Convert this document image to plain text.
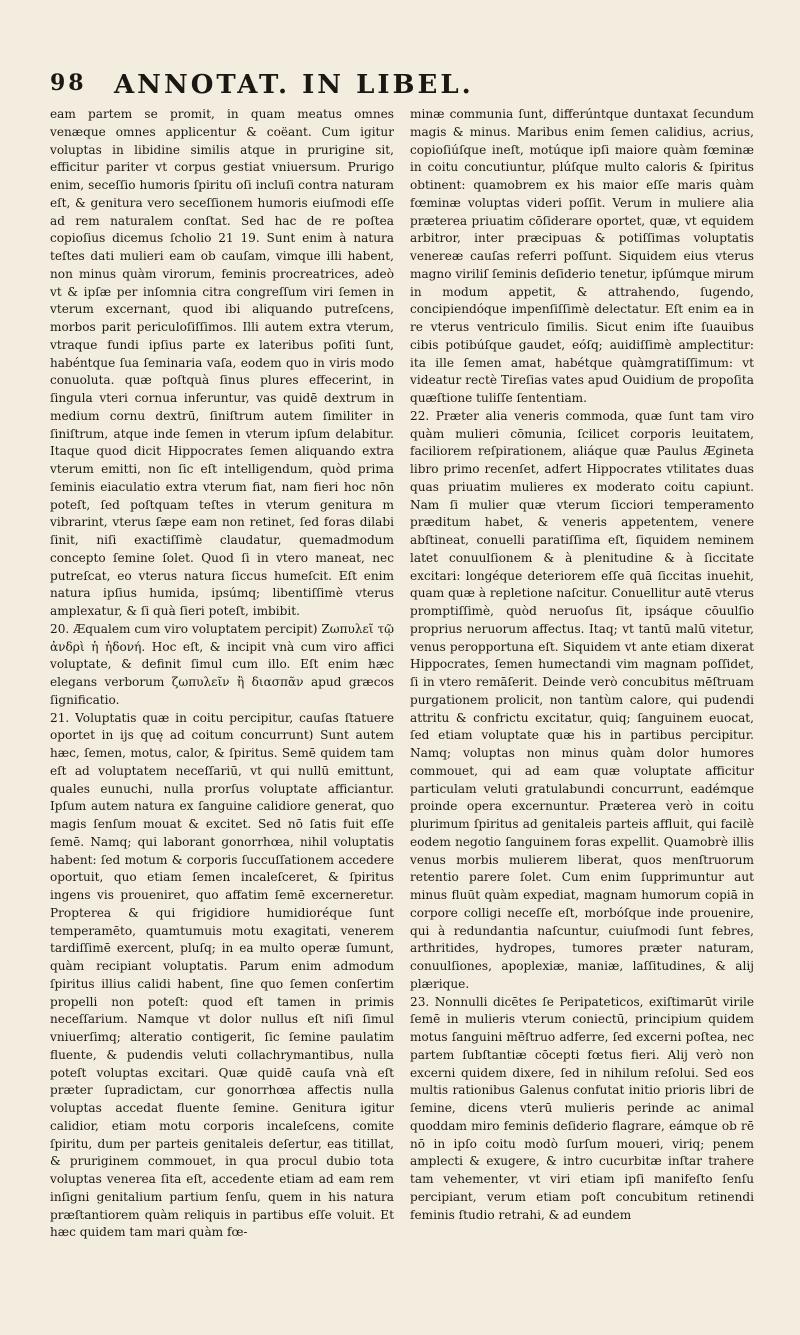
98 ANNOTAT. IN LIBEL.

eam partem se promit, in quam meatus omnes venæque omnes applicentur & coëant. Cum igitur voluptas in libidine similis atque in prurigine sit, efficitur pariter vt corpus gestiat vniuersum. Prurigo enim, seceſſio humoris ſpiritu oſi incluſi contra naturam eſt, & genitura vero seceſſionem humoris eiuſmodi eſſe ad rem naturalem conſtat. Sed hac de re poſtea copioſius dicemus ſcholio 21 19. Sunt enim à natura teſtes dati mulieri eam ob cauſam, vimque illi habent, non minus quàm virorum, feminis procreatrices, adeò vt & ipſæ per inſomnia citra congreſſum viri ſemen in vterum excernant, quod ibi aliquando putreſcens, morbos parit periculoſiſſimos. Illi autem extra vterum, vtraque fundi ipſius parte ex lateribus poſiti ſunt, habéntque ſua ſeminaria vaſa, eodem quo in viris modo conuoluta. quæ poſtquà ſinus plures effecerint, in ſingula vteri cornua inferuntur, vas quidē dextrum in medium cornu dextrū, ſiniſtrum autem ſimiliter in ſiniſtrum, atque inde ſemen in vterum ipſum delabitur. Itaque quod dicit Hippocrates ſemen aliquando extra vterum emitti, non ſic eſt intelligendum, quòd prima ſeminis eiaculatio extra vterum fiat, nam fieri hoc nōn poteſt, ſed poſtquam teſtes in vterum genitura m vibrarint, vterus ſæpe eam non retinet, ſed foras dilabi ſinit, niſi exactiſſimè claudatur, quemadmodum concepto ſemine ſolet. Quod ſi in vtero maneat, nec putreſcat, eo vterus natura ſiccus humeſcit. Eſt enim natura ipſius humida, ipsúmq; libentiſſimè vterus amplexatur, & ſi quà ſieri poteſt, imbibit.

20. Æqualem cum viro voluptatem percipit) Ζωπυλεῖ τῷ ἀνδρὶ ἡ ἡδονή. Hoc eſt, & incipit vnà cum viro affici voluptate, & definit ſimul cum illo. Eſt enim hæc elegans verborum ζωπυλεῖν ἢ διασπᾶν apud græcos ſignificatio.

21. Voluptatis quæ in coitu percipitur, cauſas ſtatuere oportet in ijs quę ad coitum concurrunt) Sunt autem hæc, ſemen, motus, calor, & ſpiritus. Semē quidem tam eſt ad voluptatem neceſſariū, vt qui nullū emittunt, quales eunuchi, nulla prorſus voluptate afficiantur. Ipſum autem natura ex ſanguine calidiore generat, quo magis ſenſum mouat & excitet. Sed nō ſatis fuit eſſe ſemē. Namq; qui laborant gonorrhœa, nihil voluptatis habent: ſed motum & corporis ſuccuſſationem accedere oportuit, quo etiam ſemen incaleſceret, & ſpiritus ingens vis proueniret, quo affatim ſemē excerneretur. Propterea & qui frigidiore humidioréque ſunt temperamēto, quamtumuis motu exagitati, venerem tardiſſimē exercent, pluſq; in ea multo operæ ſumunt, quàm recipiant voluptatis. Parum enim admodum ſpiritus illius calidi habent, ſine quo ſemen conſertim propelli non poteſt: quod eſt tamen in primis neceſſarium. Namque vt dolor nullus eſt niſi ſimul vniuerſimq; alteratio contigerit, ſic ſemine paulatim fluente, & pudendis veluti collachrymantibus, nulla poteſt voluptas excitari. Quæ quidē cauſa vnà eſt præter ſupradictam, cur gonorrhœa affectis nulla voluptas accedat fluente ſemine. Genitura igitur calidior, etiam motu corporis incaleſcens, comite ſpiritu, dum per parteis genitaleis deſertur, eas titillat, & pruriginem commouet, in qua procul dubio tota voluptas venerea ſita eſt, accedente etiam ad eam rem inſigni genitalium partium ſenſu, quem in his natura præſtantiorem quàm reliquis in partibus eſſe voluit. Et hæc quidem tam mari quàm fœ-

minæ communia ſunt, differúntque duntaxat ſecundum magis & minus. Maribus enim ſemen calidius, acrius, copioſiúſque ineſt, motúque ipſi maiore quàm fœminæ in coitu concutiuntur, plúſque multo caloris & ſpiritus obtinent: quamobrem ex his maior eſſe maris quàm fœminæ voluptas videri poſſit. Verum in muliere alia præterea priuatim cōſiderare oportet, quæ, vt equidem arbitror, inter præcipuas & potiſſimas voluptatis venereæ cauſas referri poſſunt. Siquidem eius vterus magno viriliſ ſeminis deſiderio tenetur, ipſúmque mirum in modum appetit, & attrahendo, ſugendo, concipiendóque impenſiſſimè delectatur. Eſt enim ea in re vterus ventriculo ſimilis. Sicut enim iſte ſuauibus cibis potibúſque gaudet, eóſq; auidiſſimè amplectitur: ita ille ſemen amat, habétque quàmgratiſſimum: vt videatur rectè Tireſias vates apud Ouidium de propoſita quæſtione tuliſſe ſententiam.

22. Præter alia veneris commoda, quæ ſunt tam viro quàm mulieri cōmunia, ſcilicet corporis leuitatem, faciliorem reſpirationem, aliáque quæ Paulus Ægineta libro primo recenſet, adfert Hippocrates vtilitates duas quas priuatim mulieres ex moderato coitu capiunt. Nam ſi mulier quæ vterum ſicciori temperamento præditum habet, & veneris appetentem, venere abſtineat, conuelli paratiſſima eſt, ſiquidem neminem latet conuulſionem & à plenitudine & à ſiccitate excitari: longéque deteriorem eſſe quā ſiccitas inuehit, quam quæ à repletione naſcitur. Conuellitur autē vterus promptiſſimè, quòd neruoſus ſit, ipsáque cōuulſio proprius neruorum affectus. Itaq; vt tantū malū vitetur, venus peropportuna eſt. Siquidem vt ante etiam dixerat Hippocrates, ſemen humectandi vim magnam poſſidet, ſi in vtero remāſerit. Deinde verò concubitus mēſtruam purgationem prolicit, non tantùm calore, qui pudendi attritu & confrictu excitatur, quiq; ſanguinem euocat, ſed etiam voluptate quæ his in partibus percipitur. Namq; voluptas non minus quàm dolor humores commouet, qui ad eam quæ voluptate afficitur particulam veluti gratulabundi concurrunt, eadémque proinde opera excernuntur. Præterea verò in coitu plurimum ſpiritus ad genitaleis parteis affluit, qui facilè eodem negotio ſanguinem foras expellit. Quamobrè illis venus morbis mulierem liberat, quos menſtruorum retentio parere ſolet. Cum enim ſupprimuntur aut minus fluūt quàm expediat, magnam humorum copiā in corpore colligi neceſſe eſt, morbóſque inde prouenire, qui à redundantia naſcuntur, cuiuſmodi ſunt febres, arthritides, hydropes, tumores præter naturam, conuulſiones, apoplexiæ, maniæ, laſſitudines, & alij plærique.

23. Nonnulli dicētes ſe Peripateticos, exiſtimarūt virile ſemē in mulieris vterum coniectū, principium quidem motus ſanguini mēſtruo adferre, ſed excerni poſtea, nec partem ſubſtantiæ cōcepti fœtus fieri. Alij verò non excerni quidem dixere, ſed in nihilum reſolui. Sed eos multis rationibus Galenus confutat initio prioris libri de ſemine, dicens vterū mulieris perinde ac animal quoddam miro feminis deſiderio flagrare, eámque ob rē nō in ipſo coitu modò ſurſum moueri, viriq; penem amplecti & exugere, & intro cucurbitæ inſtar trahere tam vehementer, vt viri etiam ipſi manifeſto ſenſu percipiant, verum etiam poſt concubitum retinendi feminis ſtudio retrahi, & ad eundem
